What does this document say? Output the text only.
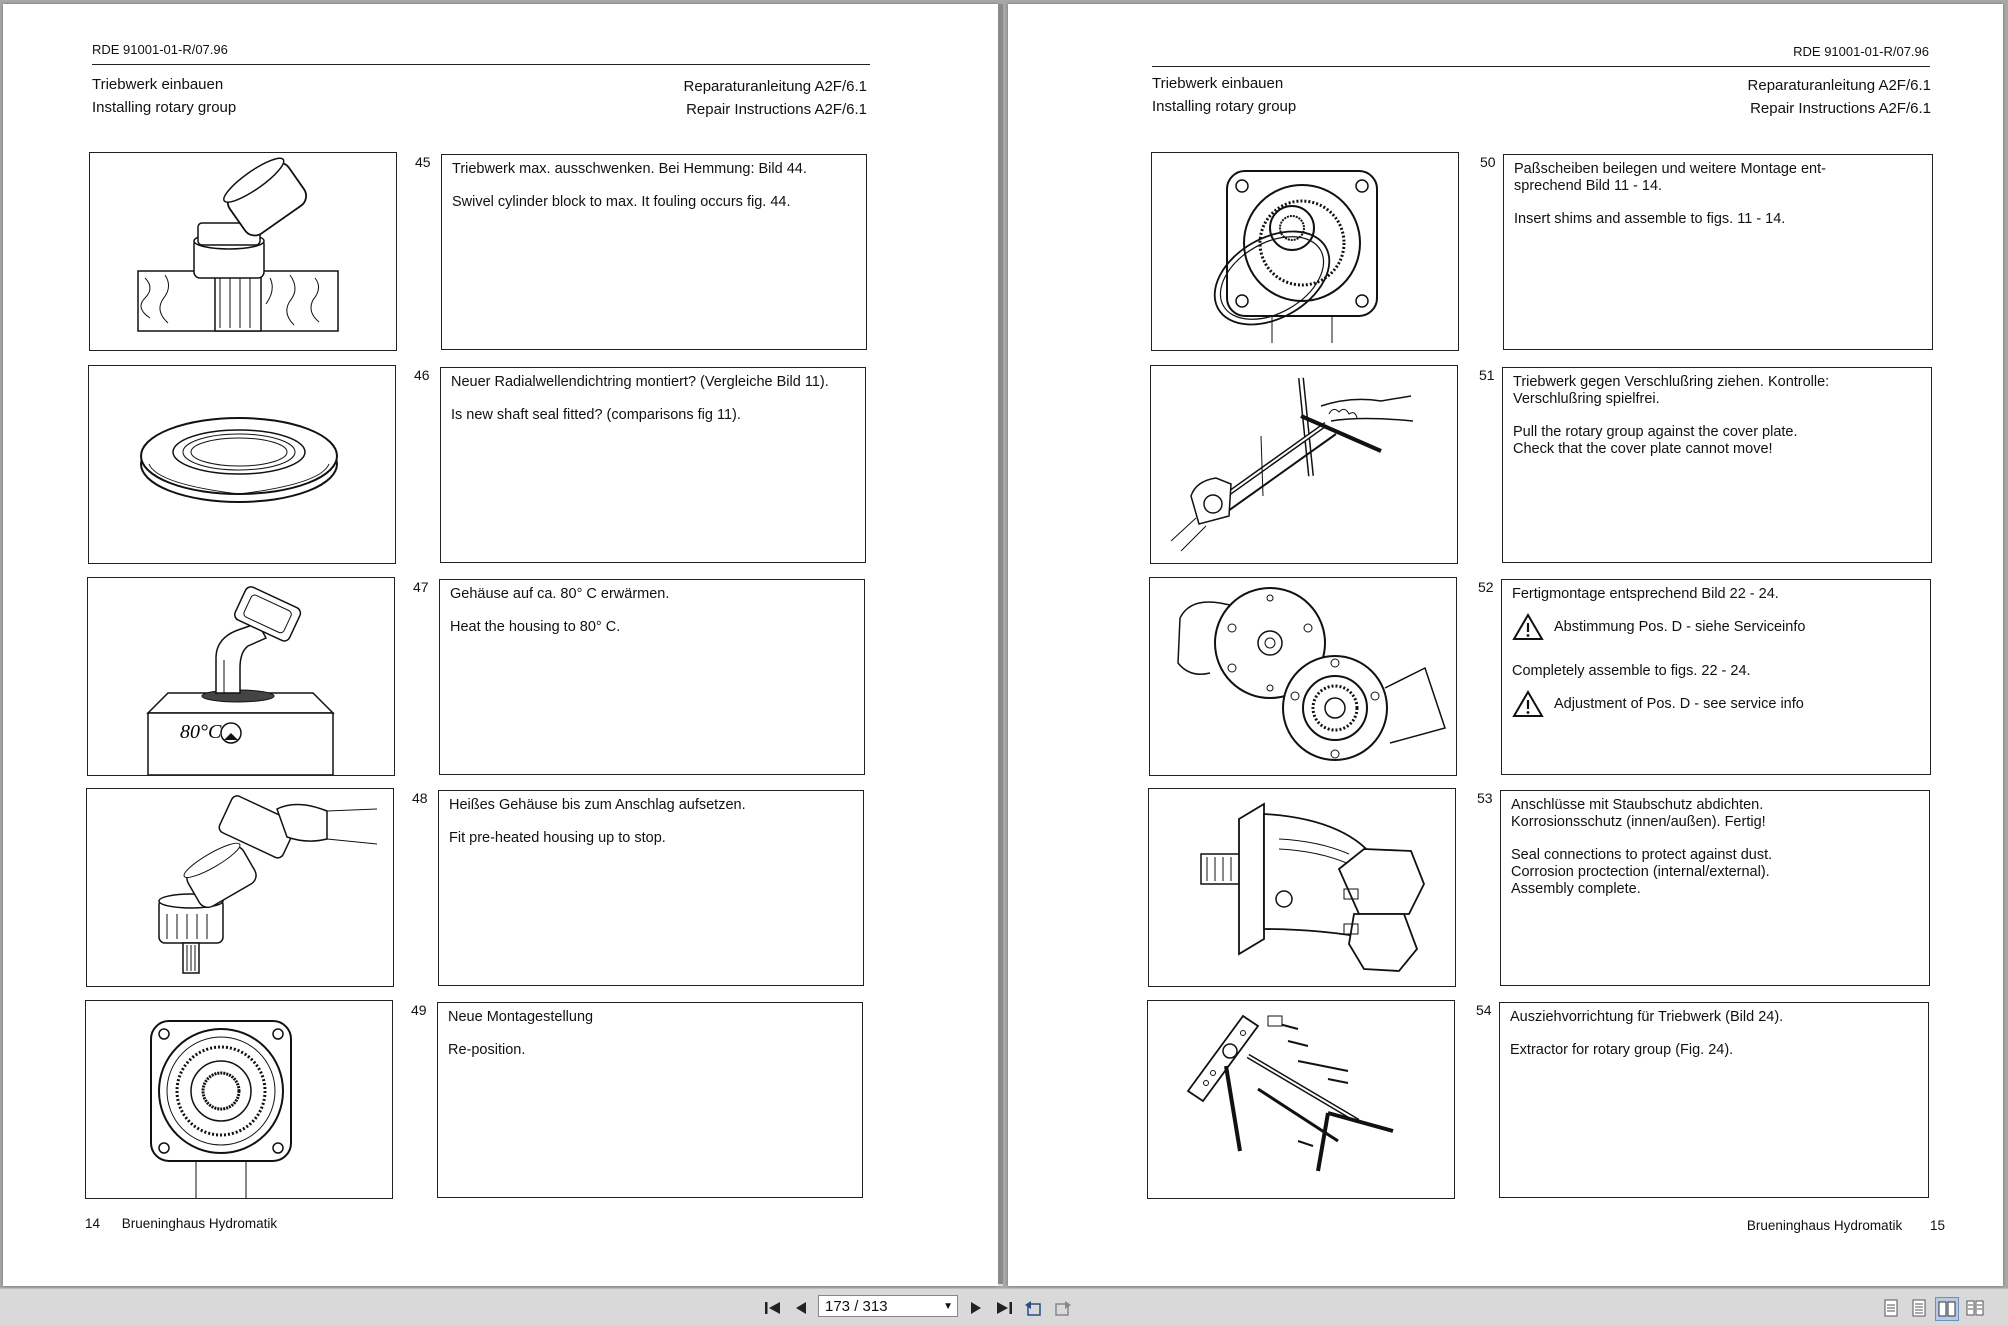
RDE 91001-01-R/07.96
Triebwerk einbauen
Installing rotary group
Reparaturanleitung A2F/6.1
Repair Instructions A2F/6.1
45 Triebwerk max. ausschwenken. Bei Hemmung: Bild 44.

Swivel cylinder block to max. It fouling occurs fig. 44.

46 Neuer Radialwellendichtring montiert? (Vergleiche Bild 11).

Is new shaft seal fitted? (comparisons fig 11).

80°C
47 Gehäuse auf ca. 80° C erwärmen.

Heat the housing to 80° C.

48 Heißes Gehäuse bis zum Anschlag aufsetzen.

Fit pre-heated housing up to stop.

49 Neue Montagestellung

Re-position.

14 Brueninghaus Hydromatik
RDE 91001-01-R/07.96
Triebwerk einbauen
Installing rotary group
Reparaturanleitung A2F/6.1
Repair Instructions A2F/6.1
50 Paßscheiben beilegen und weitere Montage ent-
sprechend Bild 11 - 14.

Insert shims and assemble to figs. 11 - 14.

51 Triebwerk gegen Verschlußring ziehen. Kontrolle:
Verschlußring spielfrei.

Pull the rotary group against the cover plate.
Check that the cover plate cannot move!

52 Fertigmontage entsprechend Bild 22 - 24.

Abstimmung Pos. D - siehe Serviceinfo

Completely assemble to figs. 22 - 24.

Adjustment of Pos. D - see service info
53 Anschlüsse mit Staubschutz abdichten.
Korrosionsschutz (innen/außen). Fertig!

Seal connections to protect against dust.
Corrosion proctection (internal/external).
Assembly complete.

54 Ausziehvorrichtung für Triebwerk (Bild 24).

Extractor for rotary group (Fig. 24).

Brueninghaus Hydromatik 15
173 / 313	▼
